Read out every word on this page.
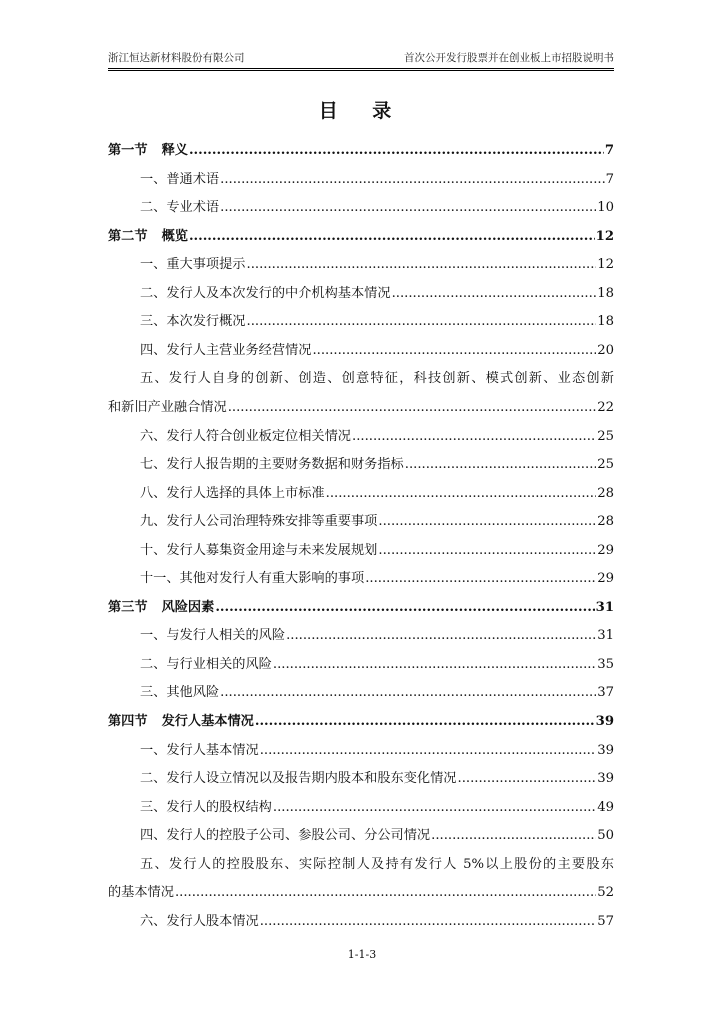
浙江恒达新材料股份有限公司	首次公开发行股票并在创业板上市招股说明书
目 录
第一节 释义 .....	7
一、普通术语 .....	7
二、专业术语 .....	10
第二节 概览 .....	12
一、重大事项提示 .....	12
二、发行人及本次发行的中介机构基本情况 .....	18
三、本次发行概况 .....	18
四、发行人主营业务经营情况 .....	20
五、发行人自身的创新、创造、创意特征，科技创新、模式创新、业态创新
和新旧产业融合情况 .....	22
六、发行人符合创业板定位相关情况 .....	25
七、发行人报告期的主要财务数据和财务指标 .....	25
八、发行人选择的具体上市标准 .....	28
九、发行人公司治理特殊安排等重要事项 .....	28
十、发行人募集资金用途与未来发展规划 .....	29
十一、其他对发行人有重大影响的事项 .....	29
第三节 风险因素 .....	31
一、与发行人相关的风险 .....	31
二、与行业相关的风险 .....	35
三、其他风险 .....	37
第四节 发行人基本情况 .....	39
一、发行人基本情况 .....	39
二、发行人设立情况以及报告期内股本和股东变化情况 .....	39
三、发行人的股权结构 .....	49
四、发行人的控股子公司、参股公司、分公司情况 .....	50
五、发行人的控股股东、实际控制人及持有发行人 5%以上股份的主要股东
的基本情况 .....	52
六、发行人股本情况 .....	57
1-1-3
